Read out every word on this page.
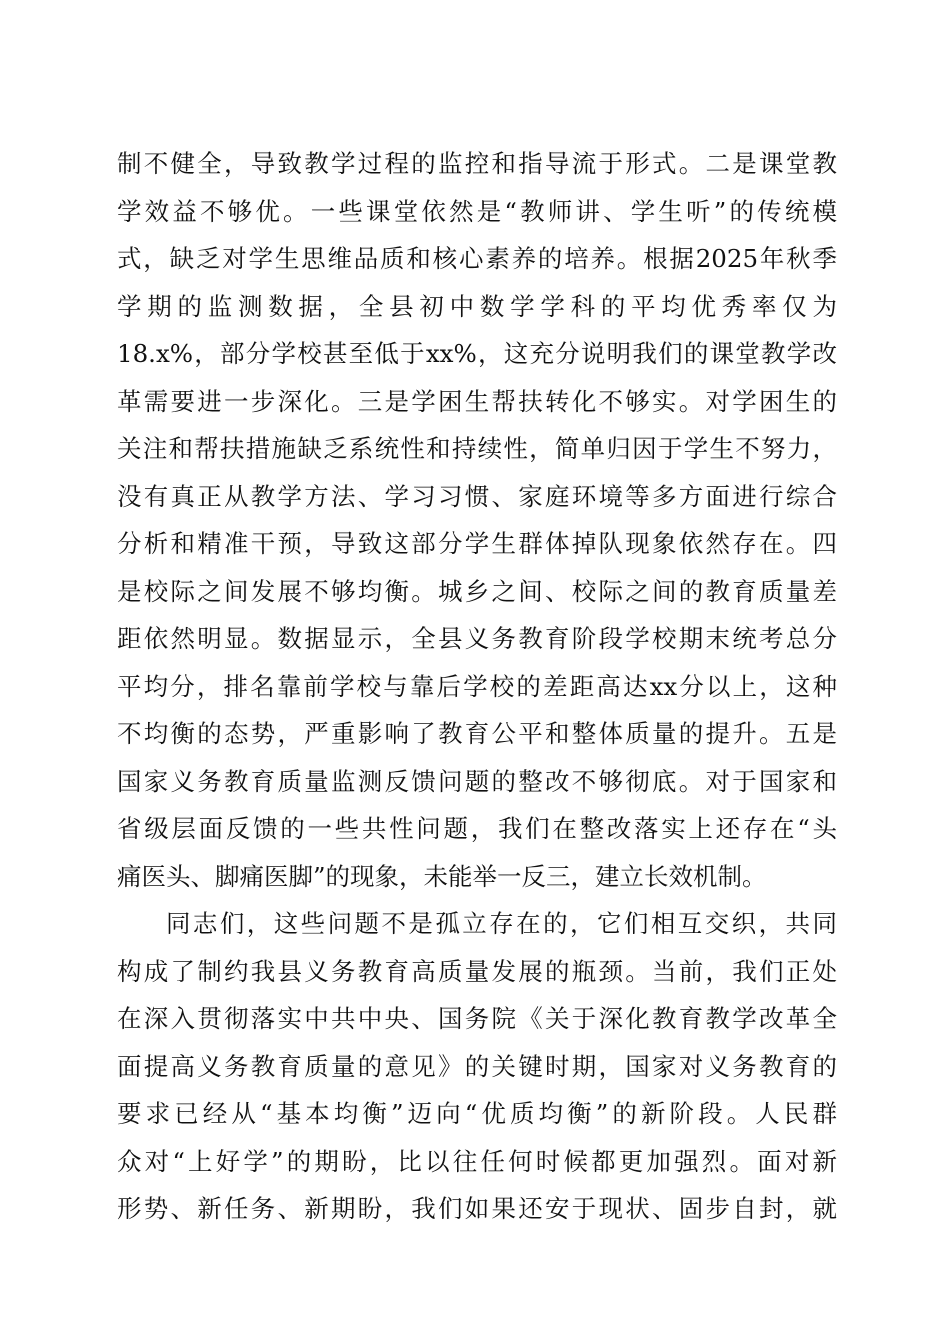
制不健全，导致教学过程的监控和指导流于形式。二是课堂教
学效益不够优。一些课堂依然是“教师讲、学生听”的传统模
式，缺乏对学生思维品质和核心素养的培养。根据2025年秋季
学期的监测数据，全县初中数学学科的平均优秀率仅为
18.x%，部分学校甚至低于xx%，这充分说明我们的课堂教学改
革需要进一步深化。三是学困生帮扶转化不够实。对学困生的
关注和帮扶措施缺乏系统性和持续性，简单归因于学生不努力，
没有真正从教学方法、学习习惯、家庭环境等多方面进行综合
分析和精准干预，导致这部分学生群体掉队现象依然存在。四
是校际之间发展不够均衡。城乡之间、校际之间的教育质量差
距依然明显。数据显示，全县义务教育阶段学校期末统考总分
平均分，排名靠前学校与靠后学校的差距高达xx分以上，这种
不均衡的态势，严重影响了教育公平和整体质量的提升。五是
国家义务教育质量监测反馈问题的整改不够彻底。对于国家和
省级层面反馈的一些共性问题，我们在整改落实上还存在“头
痛医头、脚痛医脚”的现象，未能举一反三，建立长效机制。
同志们，这些问题不是孤立存在的，它们相互交织，共同
构成了制约我县义务教育高质量发展的瓶颈。当前，我们正处
在深入贯彻落实中共中央、国务院《关于深化教育教学改革全
面提高义务教育质量的意见》的关键时期，国家对义务教育的
要求已经从“基本均衡”迈向“优质均衡”的新阶段。人民群
众对“上好学”的期盼，比以往任何时候都更加强烈。面对新
形势、新任务、新期盼，我们如果还安于现状、固步自封，就
